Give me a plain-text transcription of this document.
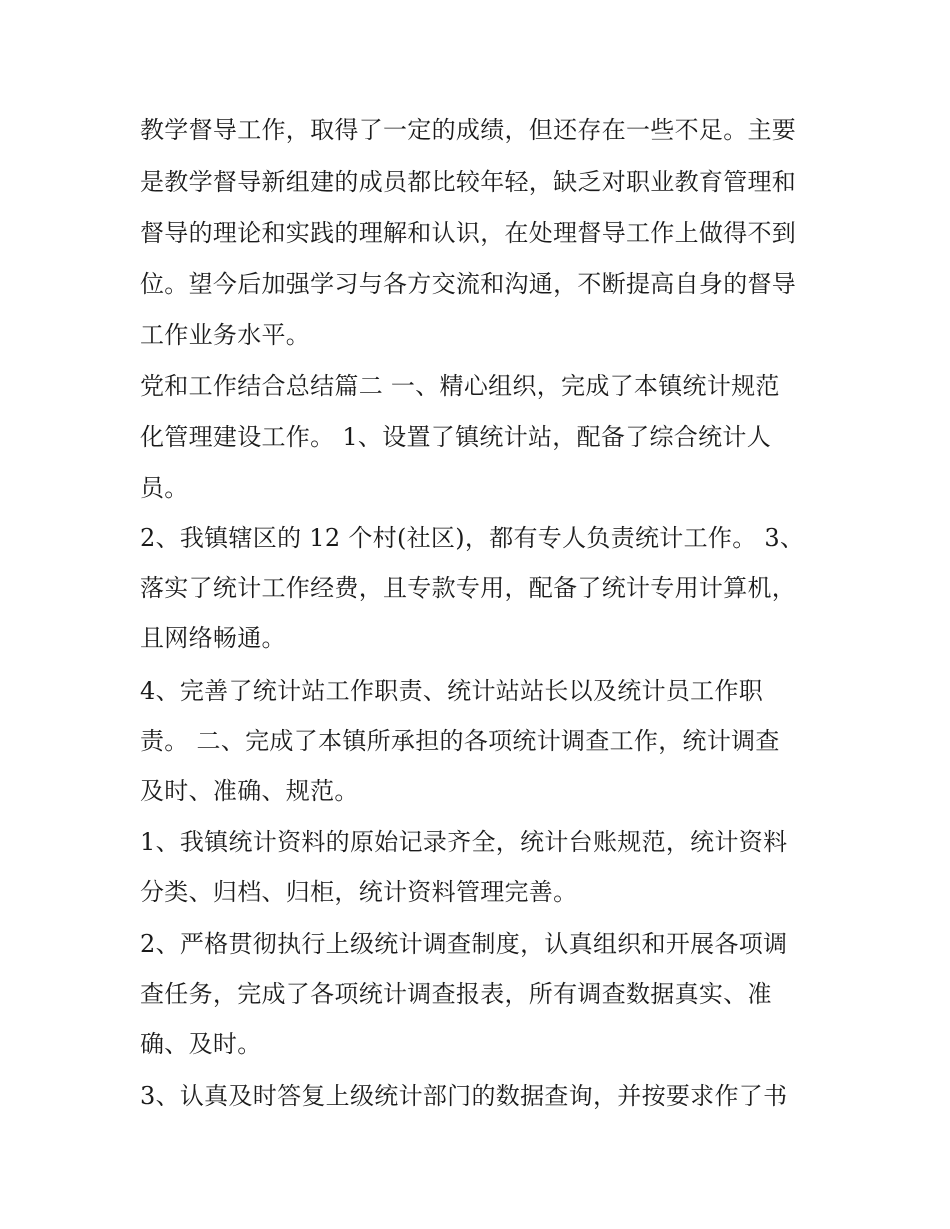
教学督导工作，取得了一定的成绩，但还存在一些不足。主要
是教学督导新组建的成员都比较年轻，缺乏对职业教育管理和
督导的理论和实践的理解和认识，在处理督导工作上做得不到
位。望今后加强学习与各方交流和沟通，不断提高自身的督导
工作业务水平。
党和工作结合总结篇二 一、精心组织，完成了本镇统计规范
化管理建设工作。 1、设置了镇统计站，配备了综合统计人
员。
2、我镇辖区的 12 个村(社区)，都有专人负责统计工作。 3、
落实了统计工作经费，且专款专用，配备了统计专用计算机，
且网络畅通。
4、完善了统计站工作职责、统计站站长以及统计员工作职
责。 二、完成了本镇所承担的各项统计调查工作，统计调查
及时、准确、规范。
1、我镇统计资料的原始记录齐全，统计台账规范，统计资料
分类、归档、归柜，统计资料管理完善。
2、严格贯彻执行上级统计调查制度，认真组织和开展各项调
查任务，完成了各项统计调查报表，所有调查数据真实、准
确、及时。
3、认真及时答复上级统计部门的数据查询，并按要求作了书
